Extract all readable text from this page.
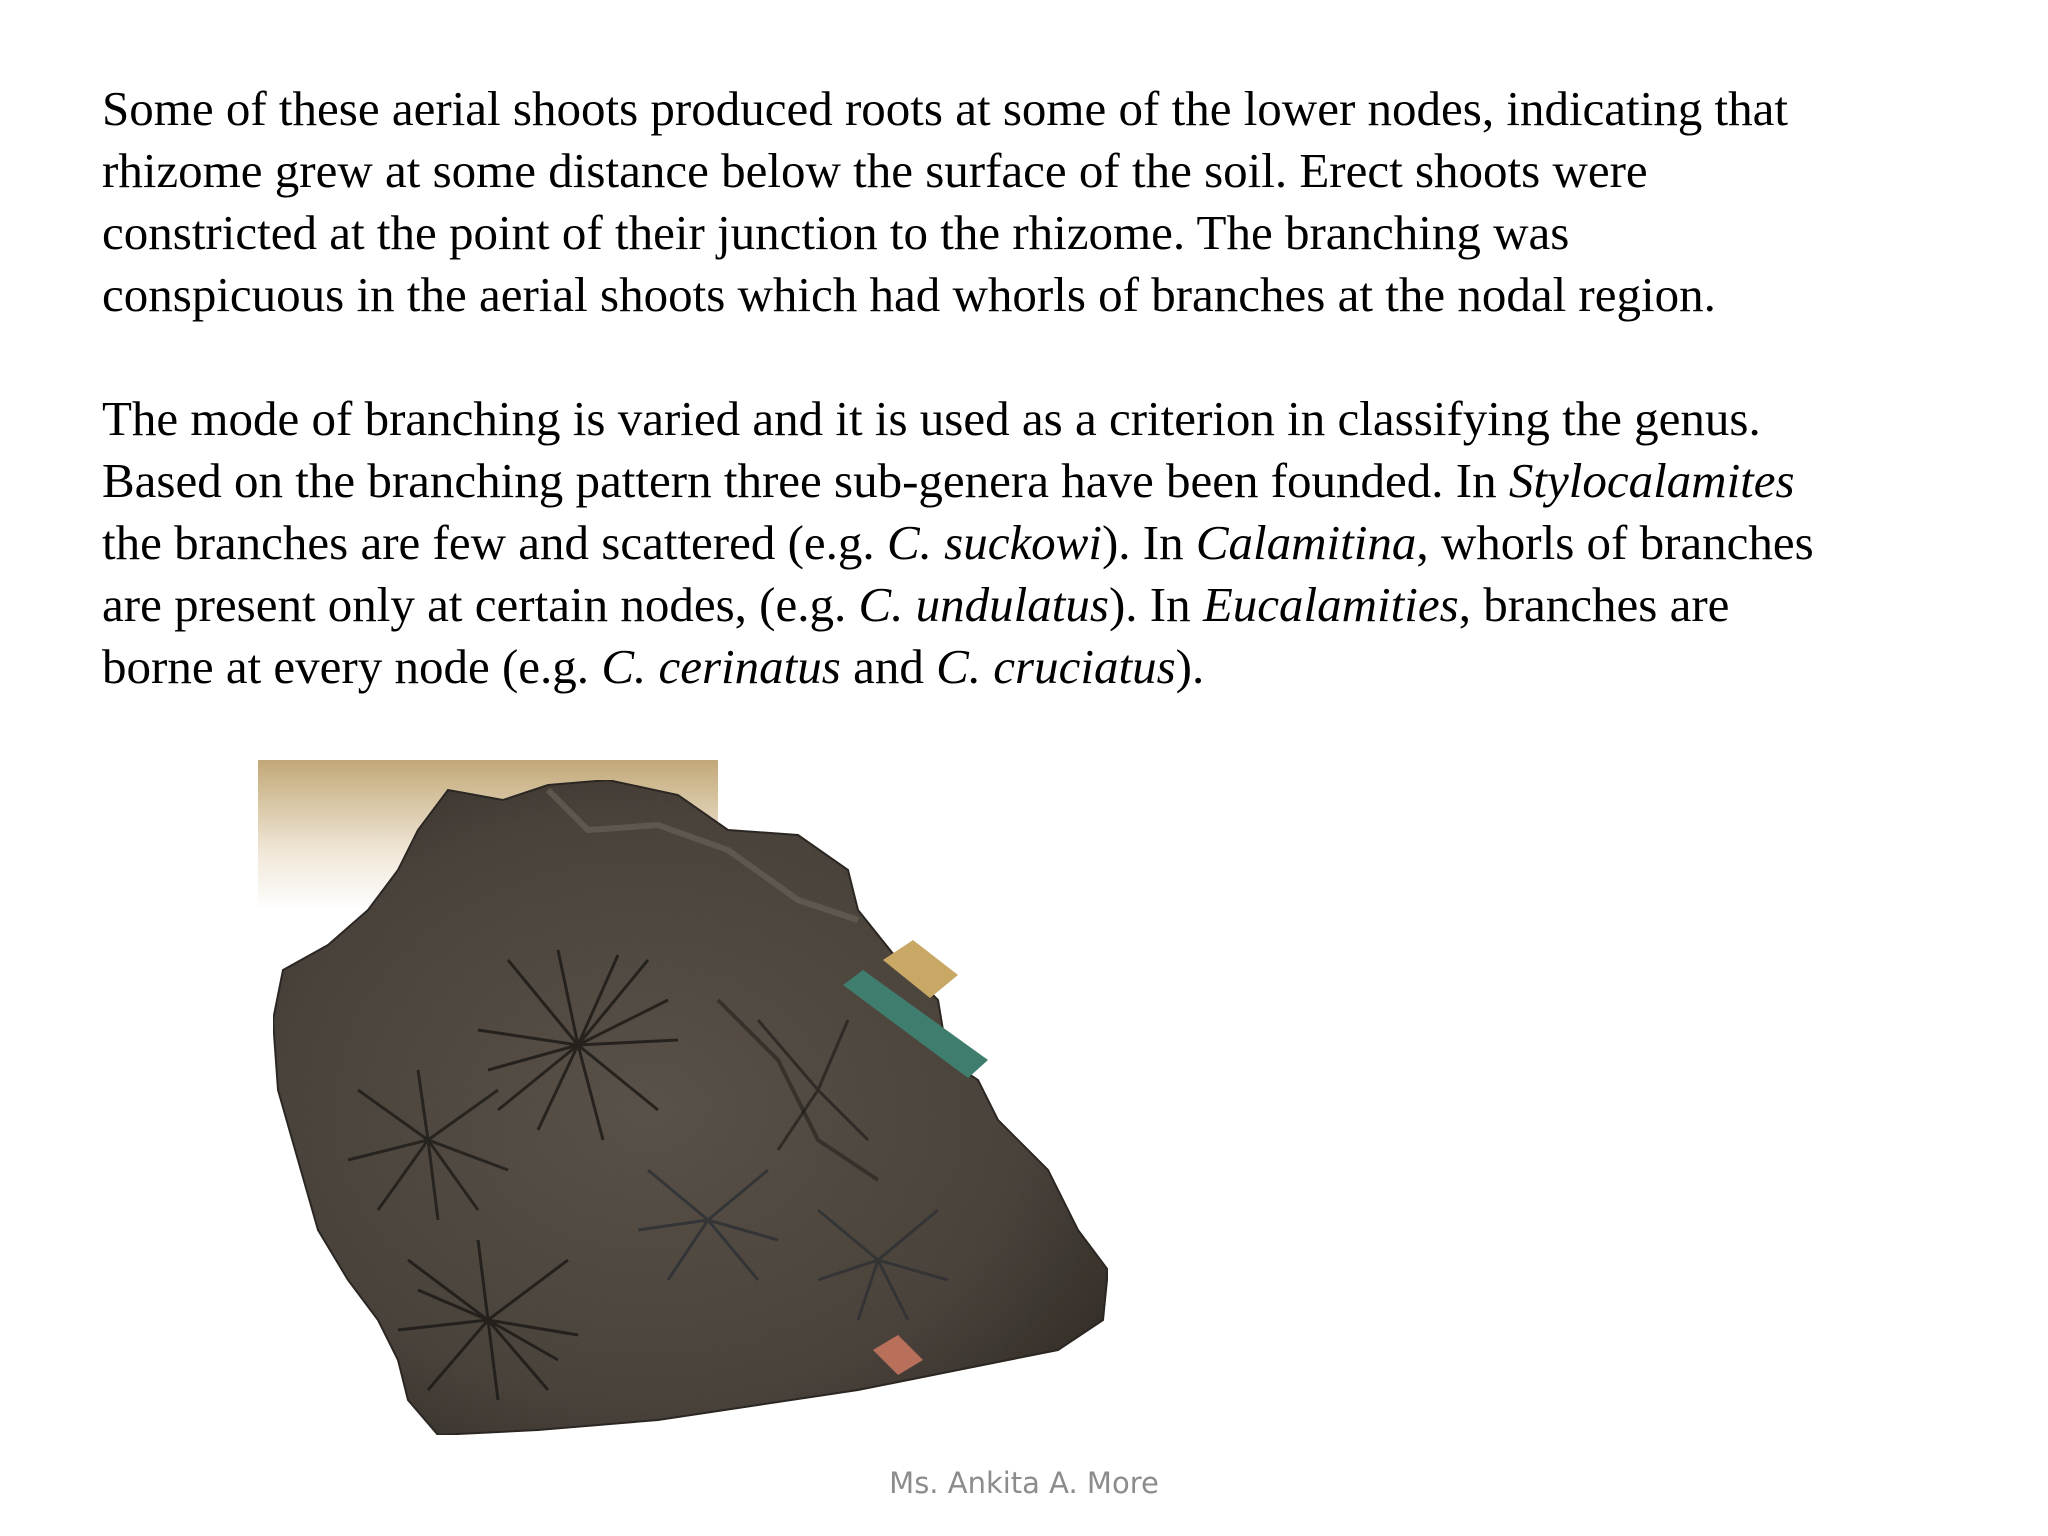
Some of these aerial shoots produced roots at some of the lower nodes, indicating that
rhizome grew at some distance below the surface of the soil. Erect shoots were
constricted at the point of their junction to the rhizome. The branching was
conspicuous in the aerial shoots which had whorls of branches at the nodal region.

The mode of branching is varied and it is used as a criterion in classifying the genus.
Based on the branching pattern three sub-genera have been founded. In Stylocalamites
the branches are few and scattered (e.g. C. suckowi). In Calamitina, whorls of branches
are present only at certain nodes, (e.g. C. undulatus). In Eucalamities, branches are
borne at every node (e.g. C. cerinatus and C. cruciatus).

Ms. Ankita A. More
